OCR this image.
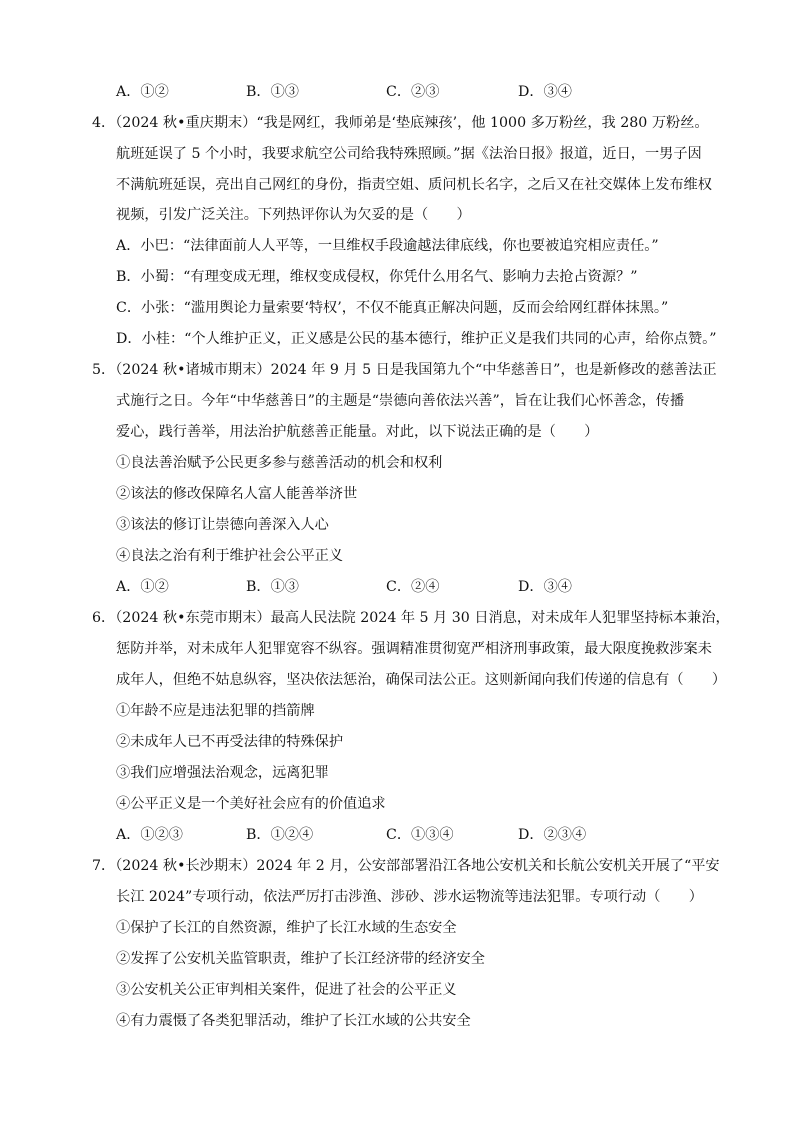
A．①②	B．①③	C．②③	D．③④
4．（2024 秋•重庆期末）“我是网红，我师弟是‘垫底辣孩’，他 1000 多万粉丝，我 280 万粉丝。
航班延误了 5 个小时，我要求航空公司给我特殊照顾。”据《法治日报》报道，近日，一男子因
不满航班延误，亮出自己网红的身份，指责空姐、质问机长名字，之后又在社交媒体上发布维权
视频，引发广泛关注。下列热评你认为欠妥的是（　　）
A．小巴：“法律面前人人平等，一旦维权手段逾越法律底线，你也要被追究相应责任。”
B．小蜀：“有理变成无理，维权变成侵权，你凭什么用名气、影响力去抢占资源？”
C．小张：“滥用舆论力量索要‘特权’，不仅不能真正解决问题，反而会给网红群体抹黑。”
D．小桂：“个人维护正义，正义感是公民的基本德行，维护正义是我们共同的心声，给你点赞。”
5．（2024 秋•诸城市期末）2024 年 9 月 5 日是我国第九个“中华慈善日”，也是新修改的慈善法正
式施行之日。今年“中华慈善日”的主题是“崇德向善依法兴善”，旨在让我们心怀善念，传播
爱心，践行善举，用法治护航慈善正能量。对此，以下说法正确的是（　　）
①良法善治赋予公民更多参与慈善活动的机会和权利
②该法的修改保障名人富人能善举济世
③该法的修订让崇德向善深入人心
④良法之治有利于维护社会公平正义
A．①②	B．①③	C．②④	D．③④
6．（2024 秋•东莞市期末）最高人民法院 2024 年 5 月 30 日消息，对未成年人犯罪坚持标本兼治，
惩防并举，对未成年人犯罪宽容不纵容。强调精准贯彻宽严相济刑事政策，最大限度挽救涉案未
成年人，但绝不姑息纵容，坚决依法惩治，确保司法公正。这则新闻向我们传递的信息有（　　）
①年龄不应是违法犯罪的挡箭牌
②未成年人已不再受法律的特殊保护
③我们应增强法治观念，远离犯罪
④公平正义是一个美好社会应有的价值追求
A．①②③	B．①②④	C．①③④	D．②③④
7．（2024 秋•长沙期末）2024 年 2 月，公安部部署沿江各地公安机关和长航公安机关开展了“平安
长江 2024”专项行动，依法严厉打击涉渔、涉砂、涉水运物流等违法犯罪。专项行动（　　）
①保护了长江的自然资源，维护了长江水域的生态安全
②发挥了公安机关监管职责，维护了长江经济带的经济安全
③公安机关公正审判相关案件，促进了社会的公平正义
④有力震慑了各类犯罪活动，维护了长江水域的公共安全
